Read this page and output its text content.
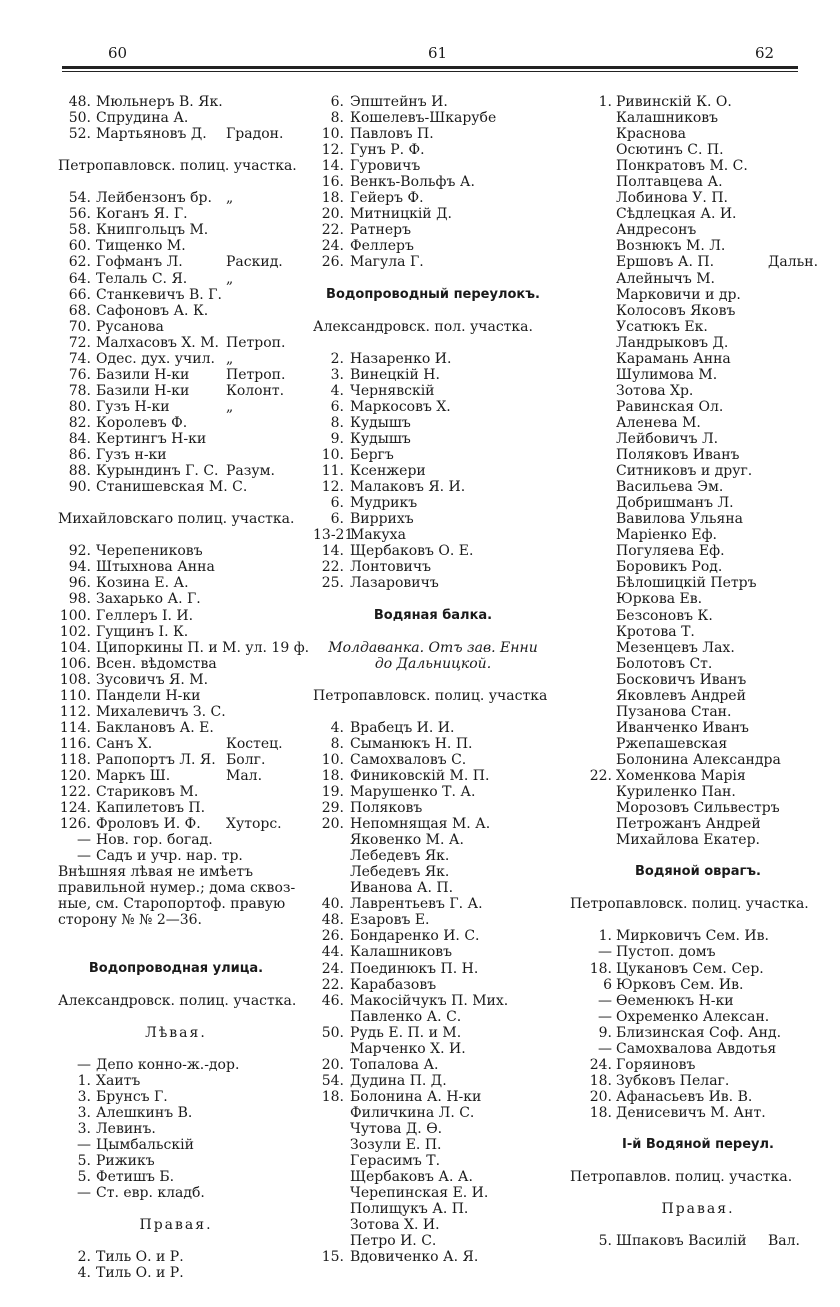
60	61	62
48. Мюльнеръ В. Як.
50. Спрудина А.
52. Мартьяновъ Д. Градон.
Петропавловск. полиц. участка.
54. Лейбензонъ бр. „
56. Коганъ Я. Г.
58. Книпгольцъ М.
60. Тищенко М.
62. Гофманъ Л.	Раскид.
64. Телаль С. Я.	„
66. Станкевичъ В. Г.
68. Сафоновъ А. К.
70. Русанова
72. Малхасовъ Х. М. Петроп.
74. Одес. дух. учил. „
76. Базили Н-ки	Петроп.
78. Базили Н-ки	Колонт.
80. Гузъ Н-ки	„
82. Королевъ Ф.
84. Кертингъ Н-ки
86. Гузъ н-ки
88. Курындинъ Г. С. Разум.
90. Станишевская М. С.
Михайловскаго полиц. участка.
92. Черепениковъ
94. Штыхнова Анна
96. Козина Е. А.
98. Захарько А. Г.
100. Геллеръ І. И.
102. Гущинъ І. К.
104. Ципоркины П. и М. ул. 19 ф.
106. Всен. вѣдомства
108. Зусовичъ Я. М.
110. Пандели Н-ки
112. Михалевичъ З. С.
114. Баклановъ А. Е.
116. Санъ Х.	Костец.
118. Рапопортъ Л. Я. Болг.
120. Маркъ Ш.	Мал.
122. Стариковъ М.
124. Капилетовъ П.
126. Фроловъ И. Ф. Хуторс.
— Нов. гор. богад.
— Садъ и учр. нар. тр.
Внѣшняя лѣвая не имѣетъ
правильной нумер.; дома сквоз-
ные, см. Старопортоф. правую
сторону № № 2—36.
Водопроводная улица.
Александровск. полиц. участка.
Лѣвая.
— Депо конно-ж.-дор.
1. Хаитъ
3. Брунсъ Г.
3. Алешкинъ В.
3. Левинъ.
— Цымбальскій
5. Рижикъ
5. Фетишъ Б.
— Ст. евр. кладб.
Правая.
2. Тиль О. и Р.
4. Тиль О. и Р.
6. Эпштейнъ И.
8. Кошелевъ-Шкарубе
10. Павловъ П.
12. Гунъ Р. Ф.
14. Гуровичъ
16. Венкъ-Вольфъ А.
18. Гейеръ Ф.
20. Митницкій Д.
22. Ратнеръ
24. Феллеръ
26. Магула Г.
Водопроводный переулокъ.
Александровск. пол. участка.
2. Назаренко И.
3. Винецкій Н.
4. Чернявскій
6. Маркосовъ Х.
8. Кудышъ
9. Кудышъ
10. Бергъ
11. Ксенжери
12. Малаковъ Я. И.
6. Мудрикъ
6. Виррихъ
13-21.Макуха
14. Щербаковъ О. Е.
22. Лонтовичъ
25. Лазаровичъ
Водяная балка.
Молдаванка. Отъ зав. Енни
до Дальницкой.
Петропавловск. полиц. участка
4. Врабецъ И. И.
8. Сыманюкъ Н. П.
10. Самохваловъ С.
18. Финиковскій М. П.
19. Марушенко Т. А.
29. Поляковъ
20. Непомнящая М. А.
Яковенко М. А.
Лебедевъ Як.
Лебедевъ Як.
Иванова А. П.
40. Лаврентьевъ Г. А.
48. Езаровъ Е.
26. Бондаренко И. С.
44. Калашниковъ
24. Поединюкъ П. Н.
22. Карабазовъ
46. Макосійчукъ П. Мих.
Павленко А. С.
50. Рудь Е. П. и М.
Марченко Х. И.
20. Топалова А.
54. Дудина П. Д.
18. Болонина А. Н-ки
Филичкина Л. С.
Чутова Д. Ѳ.
Зозули Е. П.
Герасимъ Т.
Щербаковъ А. А.
Черепинская Е. И.
Полищукъ А. П.
Зотова Х. И.
Петро И. С.
15. Вдовиченко А. Я.
1. Ривинскій К. О.
Калашниковъ
Краснова
Осютинъ С. П.
Понкратовъ М. С.
Полтавцева А.
Лобинова У. П.
Сѣдлецкая А. И.
Андресонъ
Вознюкъ М. Л.
Ершовъ А. П.	Дальн.
Алейнычъ М.
Марковичи и др.
Колосовъ Яковъ
Усатюкъ Ек.
Ландрыковъ Д.
Карамань Анна
Шулимова М.
Зотова Хр.
Равинская Ол.
Аленева М.
Лейбовичъ Л.
Поляковъ Иванъ
Ситниковъ и друг.
Васильева Эм.
Добришманъ Л.
Вавилова Ульяна
Маріенко Еф.
Погуляева Еф.
Боровикъ Род.
Бѣлошицкій Петръ
Юркова Ев.
Безсоновъ К.
Кротова Т.
Мезенцевъ Лах.
Болотовъ Ст.
Босковичъ Иванъ
Яковлевъ Андрей
Пузанова Стан.
Иванченко Иванъ
Ржепашевская
Болонина Александра
22. Хоменкова Марія
Куриленко Пан.
Морозовъ Сильвестръ
Петрожанъ Андрей
Михайлова Екатер.
Водяной оврагъ.
Петропавловск. полиц. участка.
1. Мирковичъ Сем. Ив.
— Пустоп. домъ
18. Цукановъ Сем. Сер.
6 Юрковъ Сем. Ив.
— Ѳеменюкъ Н-ки
— Охременко Алексан.
9. Близинская Соф. Анд.
— Самохвалова Авдотья
24. Горяиновъ
18. Зубковъ Пелаг.
20. Афанасьевъ Ив. В.
18. Денисевичъ М. Ант.
І-й Водяной переул.
Петропавлов. полиц. участка.
Правая.
5. Шпаковъ Василій Вал.
